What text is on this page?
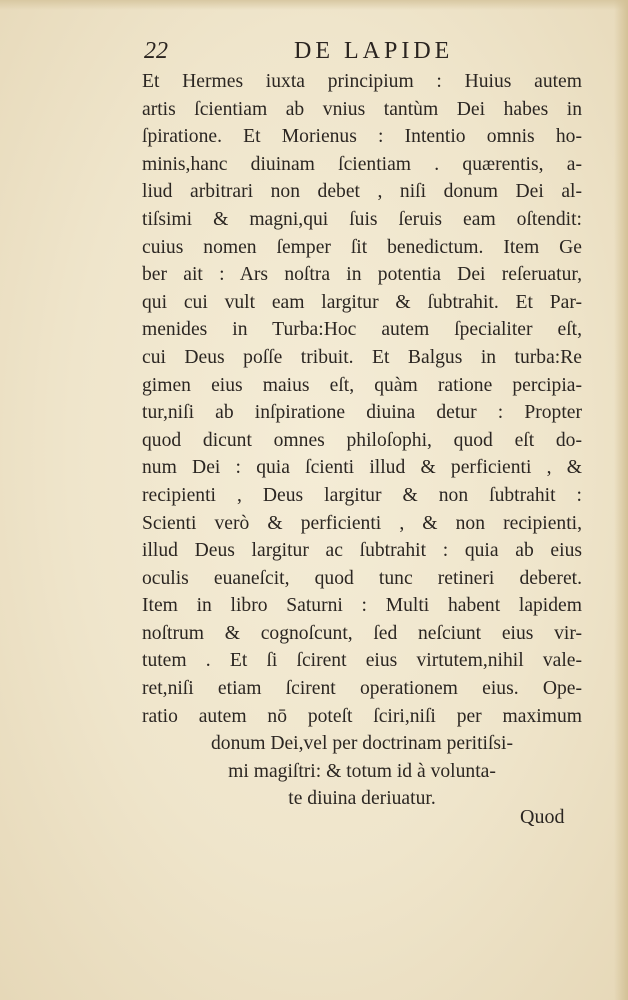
22	DE LAPIDE
Et Hermes iuxta principium : Huius autem
artis ſcientiam ab vnius tantùm Dei habes in
ſpiratione. Et Morienus : Intentio omnis ho-
minis,hanc diuinam ſcientiam . quærentis, a-
liud arbitrari non debet , niſi donum Dei al-
tiſsimi & magni,qui ſuis ſeruis eam oſtendit:
cuius nomen ſemper ſit benedictum. Item Ge
ber ait : Ars noſtra in potentia Dei reſeruatur,
qui cui vult eam largitur & ſubtrahit. Et Par-
menides in Turba:Hoc autem ſpecialiter eſt,
cui Deus poſſe tribuit. Et Balgus in turba:Re
gimen eius maius eſt, quàm ratione percipia-
tur,niſi ab inſpiratione diuina detur : Propter
quod dicunt omnes philoſophi, quod eſt do-
num Dei : quia ſcienti illud & perficienti , &
recipienti , Deus largitur & non ſubtrahit :
Scienti verò & perficienti , & non recipienti,
illud Deus largitur ac ſubtrahit : quia ab eius
oculis euaneſcit, quod tunc retineri deberet.
Item in libro Saturni : Multi habent lapidem
noſtrum & cognoſcunt, ſed neſciunt eius vir-
tutem . Et ſi ſcirent eius virtutem,nihil vale-
ret,niſi etiam ſcirent operationem eius. Ope-
ratio autem nō poteſt ſciri,niſi per maximum
donum Dei,vel per doctrinam peritiſsi-
mi magiſtri: & totum id à volunta-
te diuina deriuatur.
Quod
